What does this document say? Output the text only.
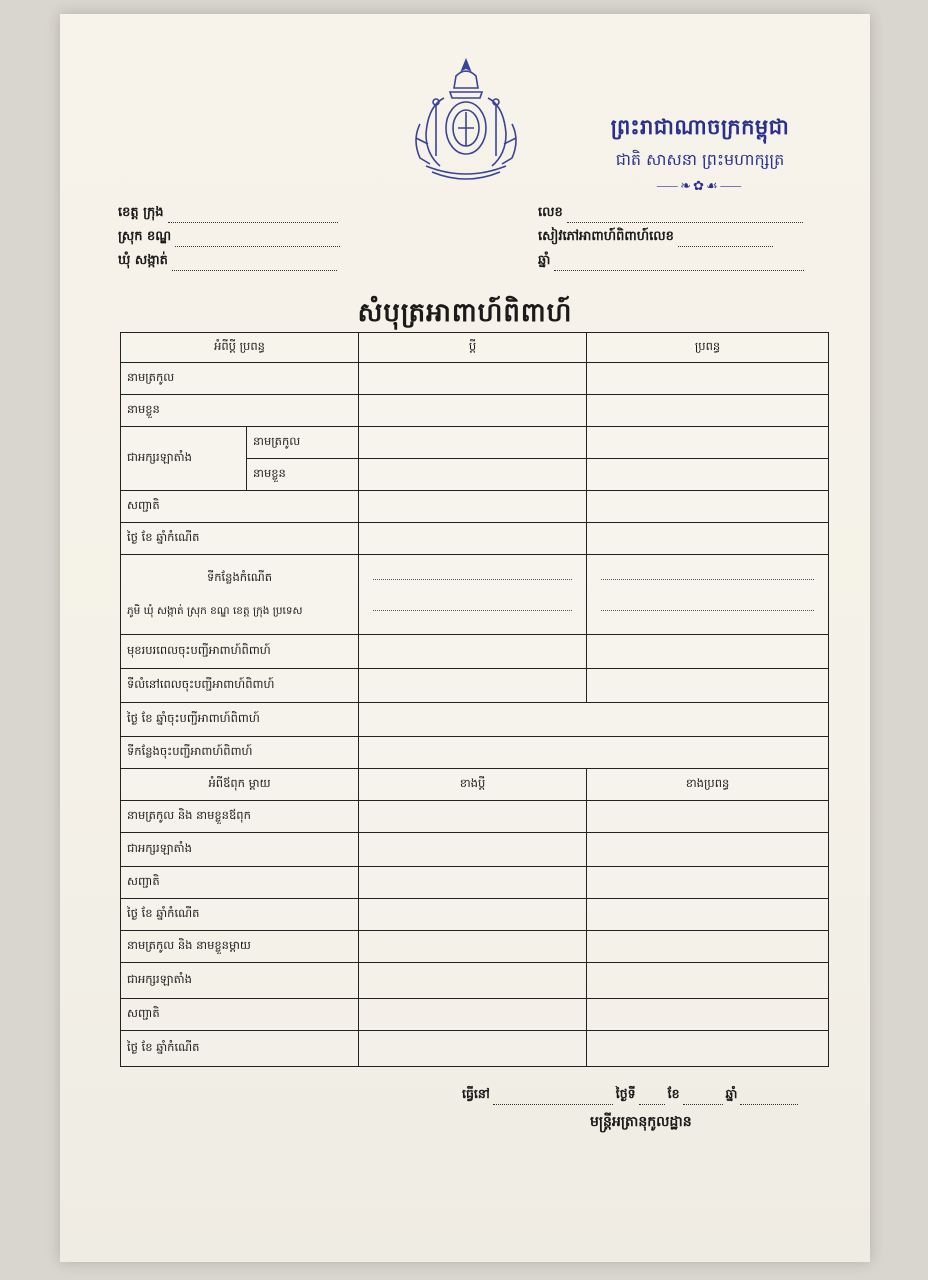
ព្រះរាជាណាចក្រកម្ពុជា
ជាតិ សាសនា ព្រះមហាក្សត្រ
⸺❧✿☙⸺
ខេត្ត ក្រុង
ស្រុក ខណ្ឌ
ឃុំ សង្កាត់
លេខ
សៀវភៅអាពាហ៍ពិពាហ៍លេខ
ឆ្នាំ
សំបុត្រអាពាហ៍ពិពាហ៍
អំពីប្ដី ប្រពន្ធ		ប្ដី	ប្រពន្ធ
នាមត្រកូល			
នាមខ្លួន			
ជាអក្សរឡាតាំង	នាមត្រកូល		
	នាមខ្លួន		
សញ្ជាតិ			
ថ្ងៃ ខែ ឆ្នាំកំណើត			

ទីកន្លែងកំណើត
ភូមិ ឃុំ សង្កាត់ ស្រុក ខណ្ឌ ខេត្ត ក្រុង ប្រទេស			

មុខរបរពេលចុះបញ្ជីអាពាហ៍ពិពាហ៍			
ទីលំនៅពេលចុះបញ្ជីអាពាហ៍ពិពាហ៍			
ថ្ងៃ ខែ ឆ្នាំចុះបញ្ជីអាពាហ៍ពិពាហ៍			
ទីកន្លែងចុះបញ្ជីអាពាហ៍ពិពាហ៍			
អំពីឪពុក ម្ដាយ		ខាងប្ដី	ខាងប្រពន្ធ
នាមត្រកូល និង នាមខ្លួនឪពុក			
ជាអក្សរឡាតាំង			
សញ្ជាតិ			
ថ្ងៃ ខែ ឆ្នាំកំណើត			
នាមត្រកូល និង នាមខ្លួនម្ដាយ			
ជាអក្សរឡាតាំង			
សញ្ជាតិ			
ថ្ងៃ ខែ ឆ្នាំកំណើត			
ធ្វើនៅ	ថ្ងៃទី	ខែ	ឆ្នាំ
មន្ត្រីអត្រានុកូលដ្ឋាន
